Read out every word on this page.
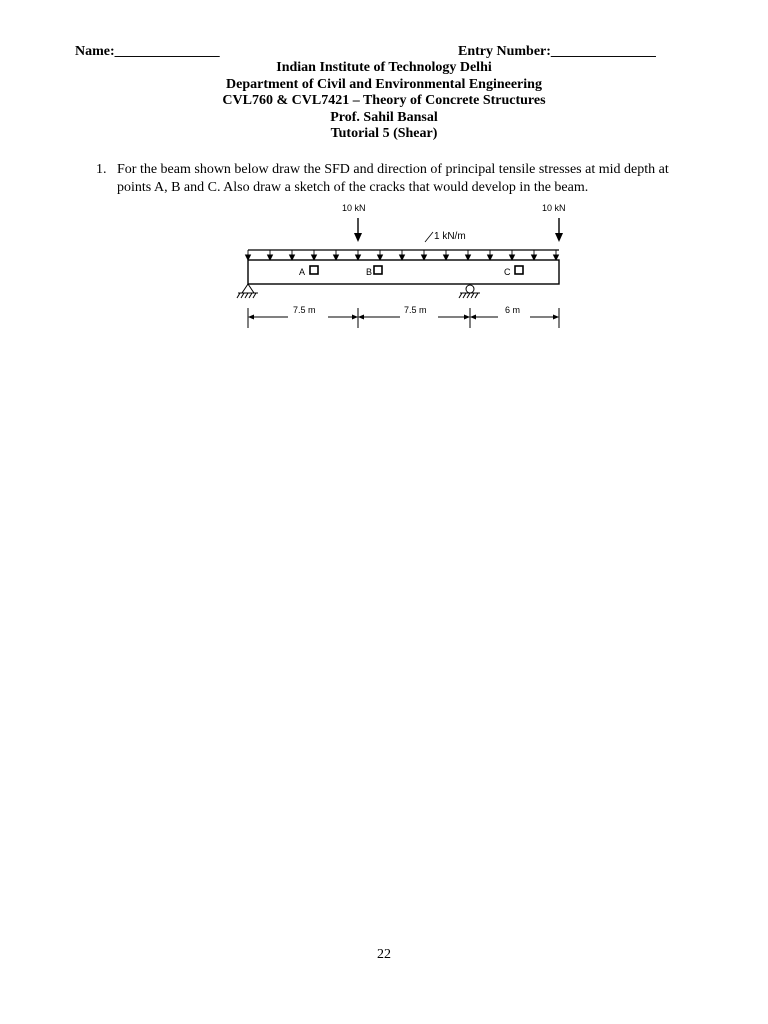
Name:_______________	Entry Number:_______________
Indian Institute of Technology Delhi
Department of Civil and Environmental Engineering
CVL760 & CVL7421 – Theory of Concrete Structures
Prof. Sahil Bansal
Tutorial 5 (Shear)
1. For the beam shown below draw the SFD and direction of principal tensile stresses at mid depth at points A, B and C. Also draw a sketch of the cracks that would develop in the beam.
10 kN	10 kN
1 kN/m
A	B	C
7.5 m	7.5 m	6 m
22
